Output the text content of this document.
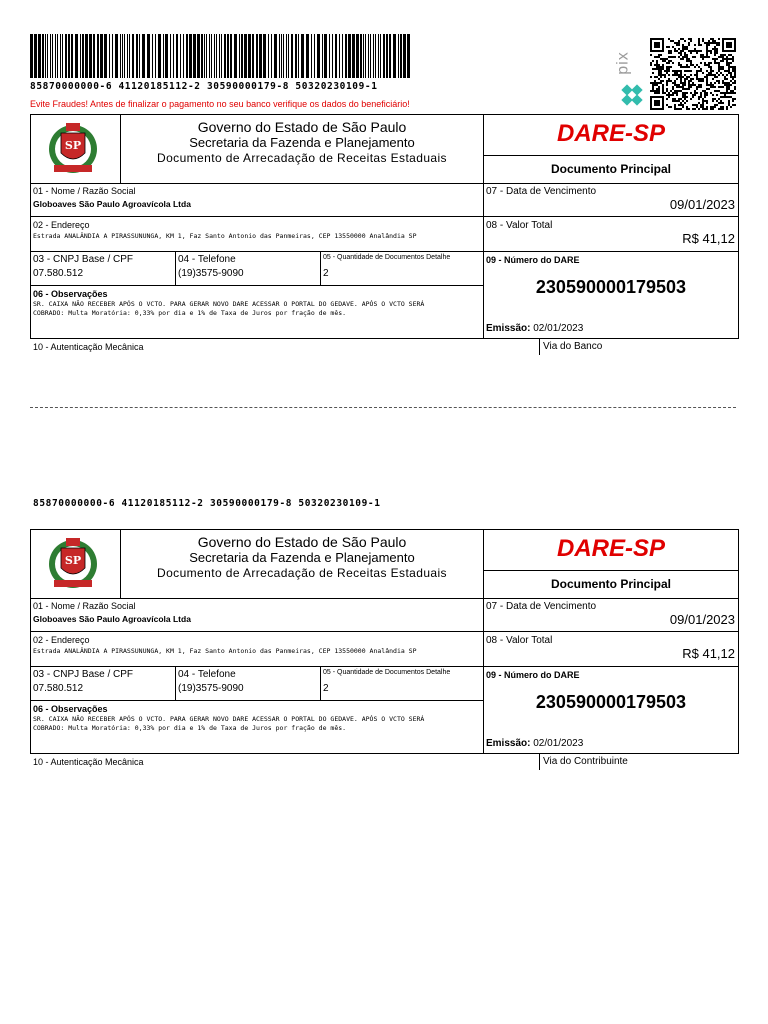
85870000000-6 41120185112-2 30590000179-8 50320230109-1
Evite Fraudes! Antes de finalizar o pagamento no seu banco verifique os dados do beneficiário!
pix
SP
Governo do Estado de São Paulo
Secretaria da Fazenda e Planejamento
Documento de Arrecadação de Receitas Estaduais
DARE-SP
Documento Principal
01 - Nome / Razão Social
Globoaves São Paulo Agroavícola Ltda
02 - Endereço
Estrada ANALÂNDIA A PIRASSUNUNGA, KM 1, Faz Santo Antonio das Panmeiras, CEP 13550000 Analândia SP
03 - CNPJ Base / CPF
07.580.512
04 - Telefone
(19)3575-9090
05 - Quantidade de Documentos Detalhe
2
06 - Observações
SR. CAIXA NÃO RECEBER APÓS O VCTO. PARA GERAR NOVO DARE ACESSAR O PORTAL DO GEDAVE. APÓS O VCTO SERÁ
COBRADO: Multa Moratória: 0,33% por dia e 1% de Taxa de Juros por fração de mês.
07 - Data de Vencimento
09/01/2023
08 - Valor Total
R$ 41,12
09 - Número do DARE
230590000179503
Emissão: 02/01/2023
10 - Autenticação Mecânica	Via do Banco
85870000000-6 41120185112-2 30590000179-8 50320230109-1
SP
Governo do Estado de São Paulo
Secretaria da Fazenda e Planejamento
Documento de Arrecadação de Receitas Estaduais
DARE-SP
Documento Principal
01 - Nome / Razão Social
Globoaves São Paulo Agroavícola Ltda
02 - Endereço
Estrada ANALÂNDIA A PIRASSUNUNGA, KM 1, Faz Santo Antonio das Panmeiras, CEP 13550000 Analândia SP
03 - CNPJ Base / CPF
07.580.512
04 - Telefone
(19)3575-9090
05 - Quantidade de Documentos Detalhe
2
06 - Observações
SR. CAIXA NÃO RECEBER APÓS O VCTO. PARA GERAR NOVO DARE ACESSAR O PORTAL DO GEDAVE. APÓS O VCTO SERÁ
COBRADO: Multa Moratória: 0,33% por dia e 1% de Taxa de Juros por fração de mês.
07 - Data de Vencimento
09/01/2023
08 - Valor Total
R$ 41,12
09 - Número do DARE
230590000179503
Emissão: 02/01/2023
10 - Autenticação Mecânica	Via do Contribuinte
